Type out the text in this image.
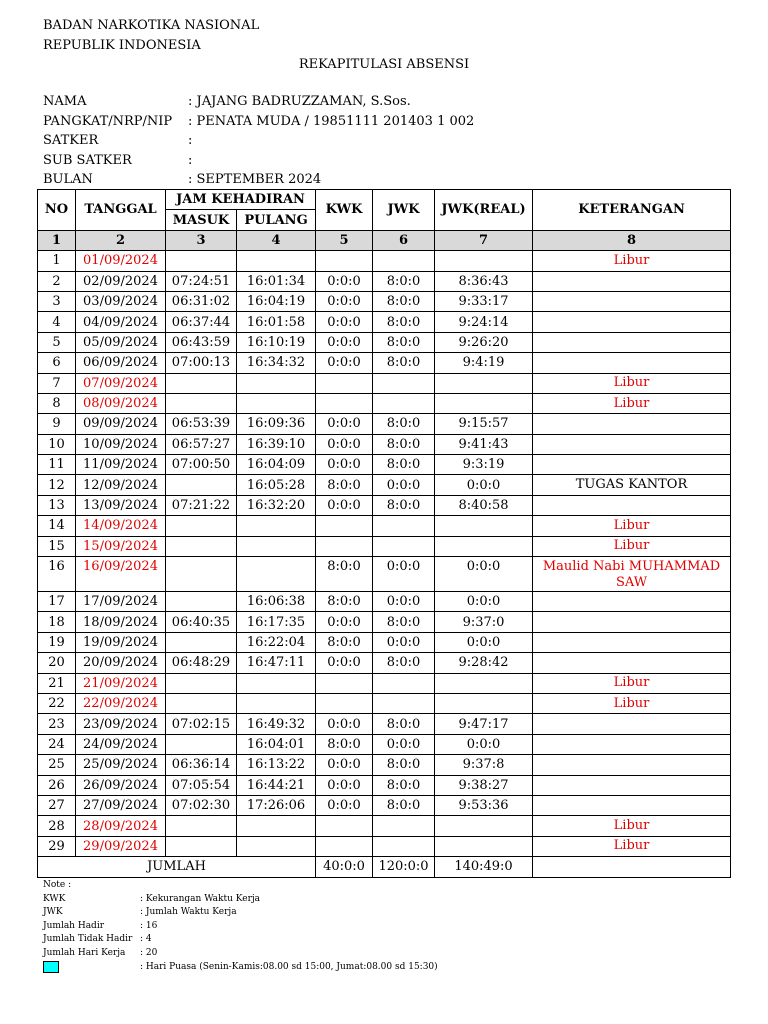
BADAN NARKOTIKA NASIONAL
REPUBLIK INDONESIA
REKAPITULASI ABSENSI
NAMA	: JAJANG BADRUZZAMAN, S.Sos.
PANGKAT/NRP/NIP	: PENATA MUDA / 19851111 201403 1 002
SATKER	:
SUB SATKER	:
BULAN	: SEPTEMBER 2024
NO	TANGGAL	JAM KEHADIRAN		KWK	JWK	JWK(REAL)	KETERANGAN
		MASUK	PULANG				
1	2	3	4	5	6	7	8
1	01/09/2024						Libur
2	02/09/2024	07:24:51	16:01:34	0:0:0	8:0:0	8:36:43	
3	03/09/2024	06:31:02	16:04:19	0:0:0	8:0:0	9:33:17	
4	04/09/2024	06:37:44	16:01:58	0:0:0	8:0:0	9:24:14	
5	05/09/2024	06:43:59	16:10:19	0:0:0	8:0:0	9:26:20	
6	06/09/2024	07:00:13	16:34:32	0:0:0	8:0:0	9:4:19	
7	07/09/2024						Libur
8	08/09/2024						Libur
9	09/09/2024	06:53:39	16:09:36	0:0:0	8:0:0	9:15:57	
10	10/09/2024	06:57:27	16:39:10	0:0:0	8:0:0	9:41:43	
11	11/09/2024	07:00:50	16:04:09	0:0:0	8:0:0	9:3:19	
12	12/09/2024		16:05:28	8:0:0	0:0:0	0:0:0	TUGAS KANTOR
13	13/09/2024	07:21:22	16:32:20	0:0:0	8:0:0	8:40:58	
14	14/09/2024						Libur
15	15/09/2024						Libur
16	16/09/2024			8:0:0	0:0:0	0:0:0	Maulid Nabi MUHAMMAD SAW
17	17/09/2024		16:06:38	8:0:0	0:0:0	0:0:0	
18	18/09/2024	06:40:35	16:17:35	0:0:0	8:0:0	9:37:0	
19	19/09/2024		16:22:04	8:0:0	0:0:0	0:0:0	
20	20/09/2024	06:48:29	16:47:11	0:0:0	8:0:0	9:28:42	
21	21/09/2024						Libur
22	22/09/2024						Libur
23	23/09/2024	07:02:15	16:49:32	0:0:0	8:0:0	9:47:17	
24	24/09/2024		16:04:01	8:0:0	0:0:0	0:0:0	
25	25/09/2024	06:36:14	16:13:22	0:0:0	8:0:0	9:37:8	
26	26/09/2024	07:05:54	16:44:21	0:0:0	8:0:0	9:38:27	
27	27/09/2024	07:02:30	17:26:06	0:0:0	8:0:0	9:53:36	
28	28/09/2024						Libur
29	29/09/2024						Libur
JUMLAH				40:0:0	120:0:0	140:49:0	
Note :
KWK	: Kekurangan Waktu Kerja
JWK	: Jumlah Waktu Kerja
Jumlah Hadir	: 16
Jumlah Tidak Hadir : 4
Jumlah Hari Kerja	: 20
: Hari Puasa (Senin-Kamis:08.00 sd 15:00, Jumat:08.00 sd 15:30)
